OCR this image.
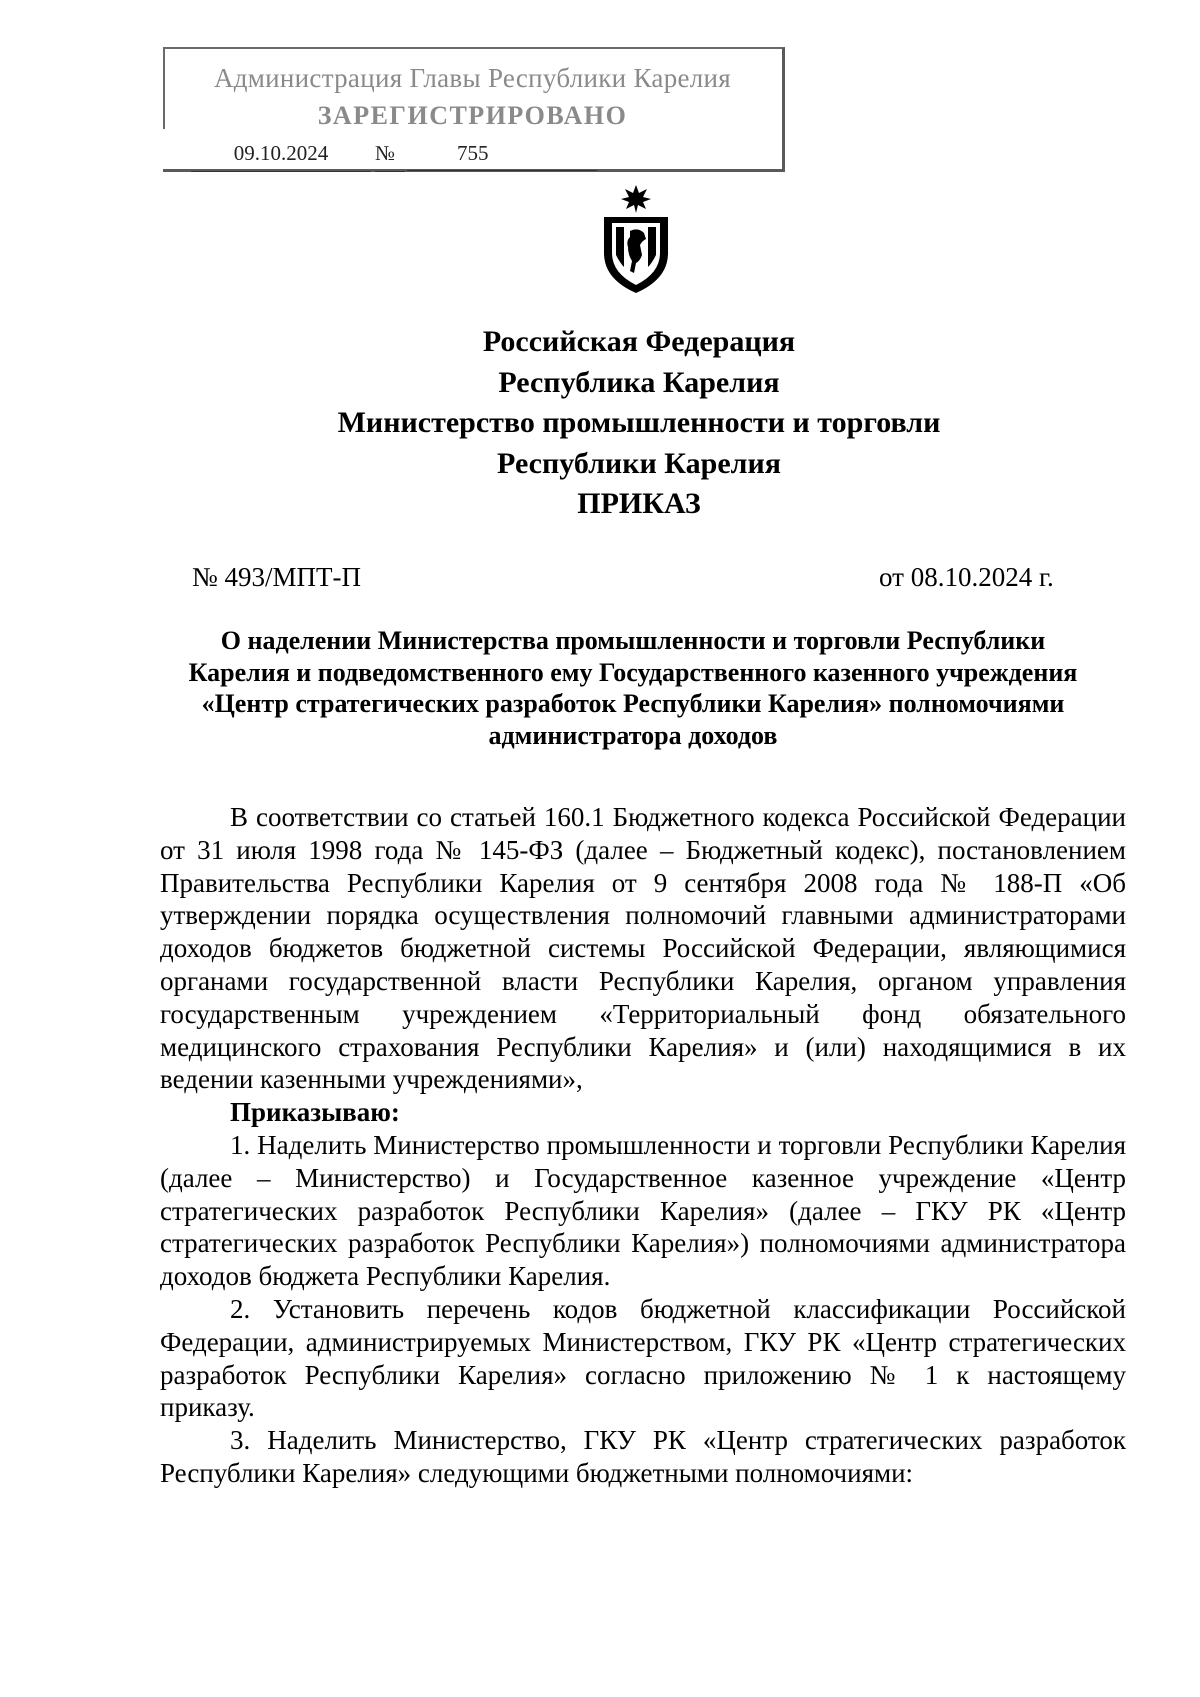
Администрация Главы Республики Карелия
ЗАРЕГИСТРИРОВАНО
09.10.2024	№	755
Российская Федерация
Республика Карелия
Министерство промышленности и торговли
Республики Карелия
ПРИКАЗ
№ 493/МПТ-П	от 08.10.2024 г.
О наделении Министерства промышленности и торговли Республики Карелия и подведомственного ему Государственного казенного учреждения «Центр стратегических разработок Республики Карелия» полномочиями администратора доходов

В соответствии со статьей 160.1 Бюджетного кодекса Российской Федерации от 31 июля 1998 года № 145-ФЗ (далее – Бюджетный кодекс), постановлением Правительства Республики Карелия от 9 сентября 2008 года № 188-П «Об утверждении порядка осуществления полномочий главными администраторами доходов бюджетов бюджетной системы Российской Федерации, являющимися органами государственной власти Республики Карелия, органом управления государственным учреждением «Территориальный фонд обязательного медицинского страхования Республики Карелия» и (или) находящимися в их ведении казенными учреждениями»,

Приказываю:

1. Наделить Министерство промышленности и торговли Республики Карелия (далее – Министерство) и Государственное казенное учреждение «Центр стратегических разработок Республики Карелия» (далее – ГКУ РК «Центр стратегических разработок Республики Карелия») полномочиями администратора доходов бюджета Республики Карелия.

2. Установить перечень кодов бюджетной классификации Российской Федерации, администрируемых Министерством, ГКУ РК «Центр стратегических разработок Республики Карелия» согласно приложению № 1 к настоящему приказу.

3. Наделить Министерство, ГКУ РК «Центр стратегических разработок Республики Карелия» следующими бюджетными полномочиями:
